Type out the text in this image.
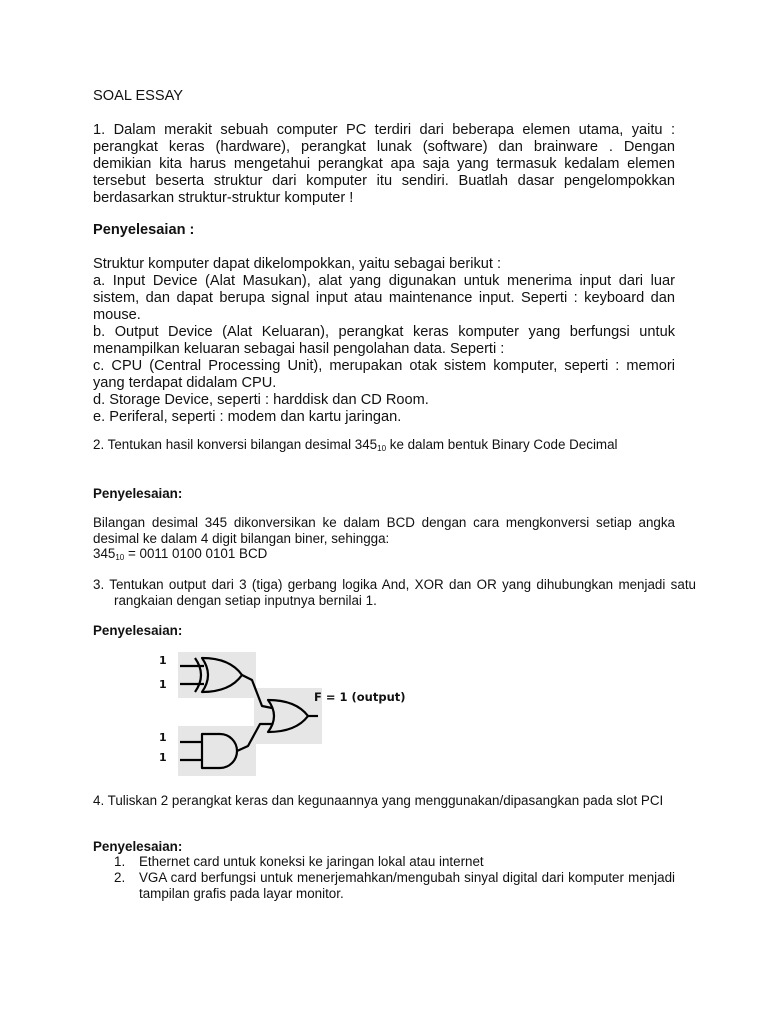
SOAL ESSAY
1. Dalam merakit sebuah computer PC terdiri dari beberapa elemen utama, yaitu : perangkat keras (hardware), perangkat lunak (software) dan brainware . Dengan demikian kita harus mengetahui perangkat apa saja yang termasuk kedalam elemen tersebut beserta struktur dari komputer itu sendiri. Buatlah dasar pengelompokkan berdasarkan struktur-struktur komputer !
Penyelesaian :
Struktur komputer dapat dikelompokkan, yaitu sebagai berikut :
a. Input Device (Alat Masukan), alat yang digunakan untuk menerima input dari luar sistem, dan dapat berupa signal input atau maintenance input. Seperti : keyboard dan mouse.
b. Output Device (Alat Keluaran), perangkat keras komputer yang berfungsi untuk menampilkan keluaran sebagai hasil pengolahan data. Seperti :
c. CPU (Central Processing Unit), merupakan otak sistem komputer, seperti : memori yang terdapat didalam CPU.
d. Storage Device, seperti : harddisk dan CD Room.
e. Periferal, seperti : modem dan kartu jaringan.
2. Tentukan hasil konversi bilangan desimal $345_{10}$ ke dalam bentuk Binary Code Decimal
Penyelesaian:
Bilangan desimal 345 dikonversikan ke dalam BCD dengan cara mengkonversi setiap angka desimal ke dalam 4 digit bilangan biner, sehingga:
$345_{10} = 0011$ 0100 0101 BCD
3. Tentukan output dari 3 (tiga) gerbang logika And, XOR dan OR yang dihubungkan menjadi satu rangkaian dengan setiap inputnya bernilai 1.
Penyelesaian:
1
1
1
1
F = 1 (output)
4. Tuliskan 2 perangkat keras dan kegunaannya yang menggunakan/dipasangkan pada slot PCI
Penyelesaian:
1. Ethernet card untuk koneksi ke jaringan lokal atau internet
2. VGA card berfungsi untuk menerjemahkan/mengubah sinyal digital dari komputer menjadi tampilan grafis pada layar monitor.
